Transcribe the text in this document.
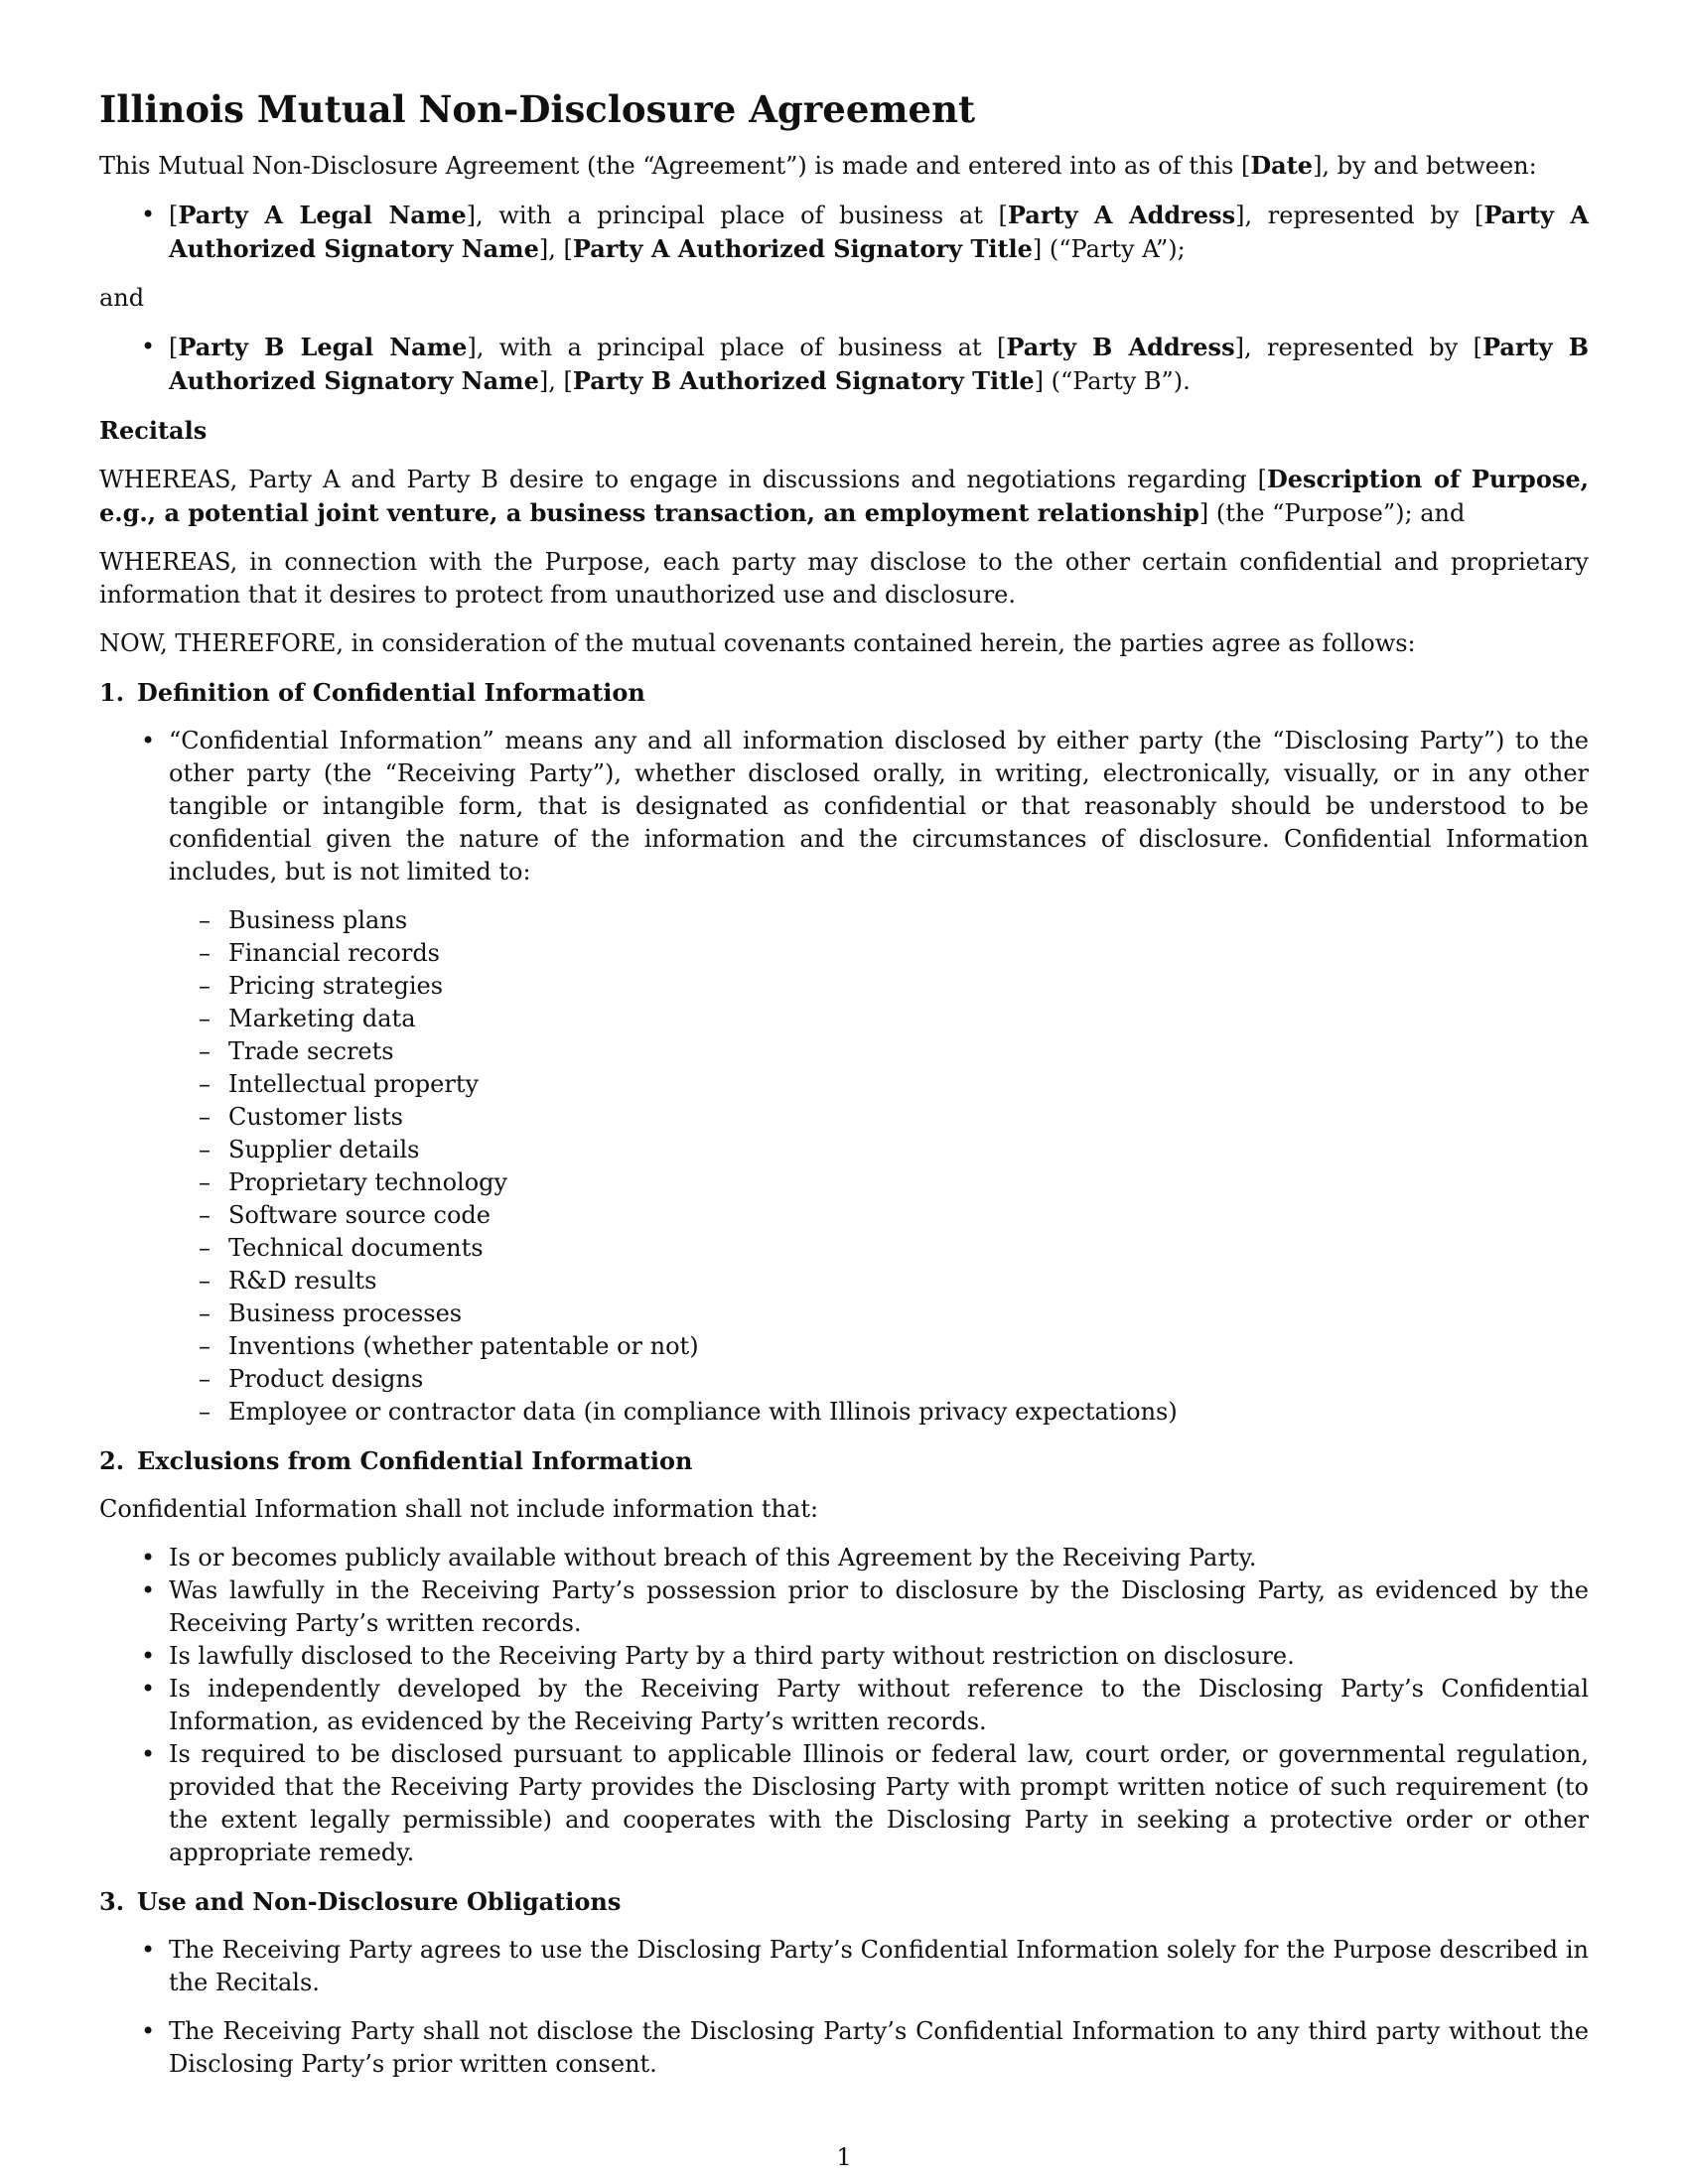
Illinois Mutual Non-Disclosure Agreement

This Mutual Non-Disclosure Agreement (the “Agreement”) is made and entered into as of this [Date], by and between:

• [Party A Legal Name], with a principal place of business at [Party A Address], represented by [Party A Authorized Signatory Name], [Party A Authorized Signatory Title] (“Party A”);

and

• [Party B Legal Name], with a principal place of business at [Party B Address], represented by [Party B Authorized Signatory Name], [Party B Authorized Signatory Title] (“Party B”).
Recitals

WHEREAS, Party A and Party B desire to engage in discussions and negotiations regarding [Description of Purpose, e.g., a potential joint venture, a business transaction, an employment relationship] (the “Purpose”); and

WHEREAS, in connection with the Purpose, each party may disclose to the other certain confidential and proprietary information that it desires to protect from unauthorized use and disclosure.

NOW, THEREFORE, in consideration of the mutual covenants contained herein, the parties agree as follows:

1. Definition of Confidential Information
• “Confidential Information” means any and all information disclosed by either party (the “Disclosing Party”) to the other party (the “Receiving Party”), whether disclosed orally, in writing, electronically, visually, or in any other tangible or intangible form, that is designated as confidential or that reasonably should be understood to be confidential given the nature of the information and the circumstances of disclosure. Confidential Information includes, but is not limited to:
– Business plans
– Financial records
– Pricing strategies
– Marketing data
– Trade secrets
– Intellectual property
– Customer lists
– Supplier details
– Proprietary technology
– Software source code
– Technical documents
– R&D results
– Business processes
– Inventions (whether patentable or not)
– Product designs
– Employee or contractor data (in compliance with Illinois privacy expectations)
2. Exclusions from Confidential Information

Confidential Information shall not include information that:

• Is or becomes publicly available without breach of this Agreement by the Receiving Party.
• Was lawfully in the Receiving Party’s possession prior to disclosure by the Disclosing Party, as evidenced by the Receiving Party’s written records.
• Is lawfully disclosed to the Receiving Party by a third party without restriction on disclosure.
• Is independently developed by the Receiving Party without reference to the Disclosing Party’s Confidential Information, as evidenced by the Receiving Party’s written records.
• Is required to be disclosed pursuant to applicable Illinois or federal law, court order, or governmental regulation, provided that the Receiving Party provides the Disclosing Party with prompt written notice of such requirement (to the extent legally permissible) and cooperates with the Disclosing Party in seeking a protective order or other appropriate remedy.
3. Use and Non-Disclosure Obligations
• The Receiving Party agrees to use the Disclosing Party’s Confidential Information solely for the Purpose described in the Recitals.
• The Receiving Party shall not disclose the Disclosing Party’s Confidential Information to any third party without the Disclosing Party’s prior written consent.
1
